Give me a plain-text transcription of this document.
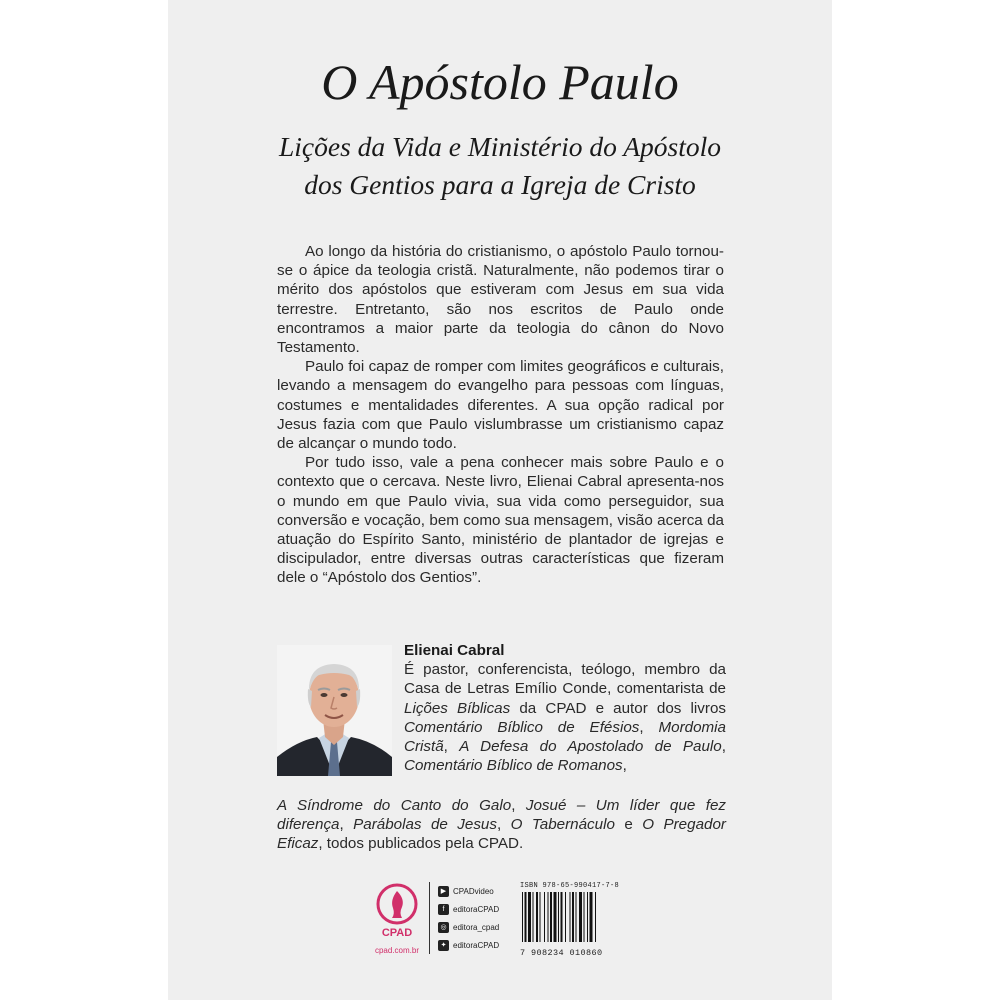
O Apóstolo Paulo
Lições da Vida e Ministério do Apóstolo
dos Gentios para a Igreja de Cristo

Ao longo da história do cristianismo, o apóstolo Paulo tornou-se o ápice da teologia cristã. Naturalmente, não podemos tirar o mérito dos apóstolos que estiveram com Jesus em sua vida terrestre. Entretanto, são nos escritos de Paulo onde encontramos a maior parte da teologia do cânon do Novo Testamento.

Paulo foi capaz de romper com limites geográficos e culturais, levando a mensagem do evangelho para pessoas com línguas, costumes e mentalidades diferentes. A sua opção radical por Jesus fazia com que Paulo vislumbrasse um cristianismo capaz de alcançar o mundo todo.

Por tudo isso, vale a pena conhecer mais sobre Paulo e o contexto que o cercava. Neste livro, Elienai Cabral apresenta-nos o mundo em que Paulo vivia, sua vida como perseguidor, sua conversão e vocação, bem como sua mensagem, visão acerca da atuação do Espírito Santo, ministério de plantador de igrejas e discipulador, entre diversas outras características que fizeram dele o “Apóstolo dos Gentios”.

Elienai Cabral
É pastor, conferencista, teólogo, membro da Casa de Letras Emílio Conde, comentarista de Lições Bíblicas da CPAD e autor dos livros Comentário Bíblico de Efésios, Mordomia Cristã, A Defesa do Apostolado de Paulo, Comentário Bíblico de Romanos,
A Síndrome do Canto do Galo, Josué – Um líder que fez diferença, Parábolas de Jesus, O Tabernáculo e O Pregador Eficaz, todos publicados pela CPAD.
CPAD
cpad.com.br
▶ CPADvideo
f	editoraCPAD
◎ editora_cpad
✦ editoraCPAD
ISBN 978-65-990417-7-8
7 908234 010860
